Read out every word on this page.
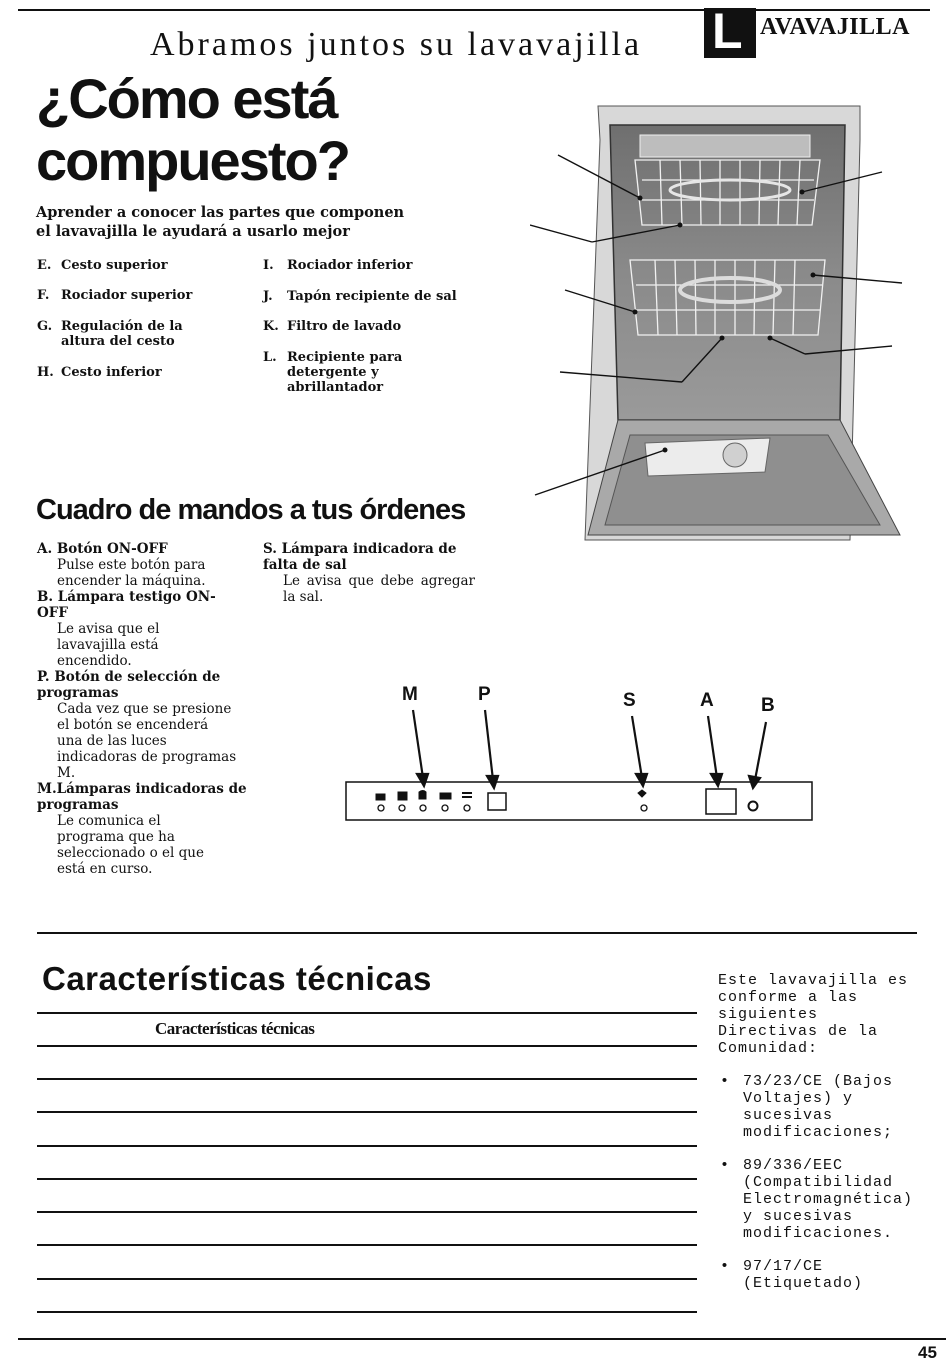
Abramos juntos su lavavajilla L AVAVAJILLA
¿Cómo está
compuesto?
Aprender a conocer las partes que componen
el lavavajilla le ayudará a usarlo mejor
E. Cesto superior
F. Rociador superior
G. Regulación de la altura del cesto
H. Cesto inferior
I. Rociador inferior
J. Tapón recipiente de sal
K. Filtro de lavado
L. Recipiente para detergente y abrillantador
Cuadro de mandos a tus órdenes
A. Botón ON-OFF
Pulse este botón para encender la máquina.
B. Lámpara testigo ON-OFF
Le avisa que el lavavajilla está encendido.
P. Botón de selección de programas
Cada vez que se presione el botón se encenderá una de las luces indicadoras de programas M.
M.Lámparas indicadoras de programas
Le comunica el programa que ha seleccionado o el que está en curso.
S. Lámpara indicadora de falta de sal
Le avisa que debe agregar la sal.
M	P	S	A B
Características técnicas
Características técnicas
Este lavavajilla es conforme a las siguientes Directivas de la Comunidad:
• 73/23/CE (Bajos Voltajes) y sucesivas modificaciones;
• 89/336/EEC (Compatibilidad Electromagnética) y sucesivas modificaciones.
• 97/17/CE (Etiquetado)
45
